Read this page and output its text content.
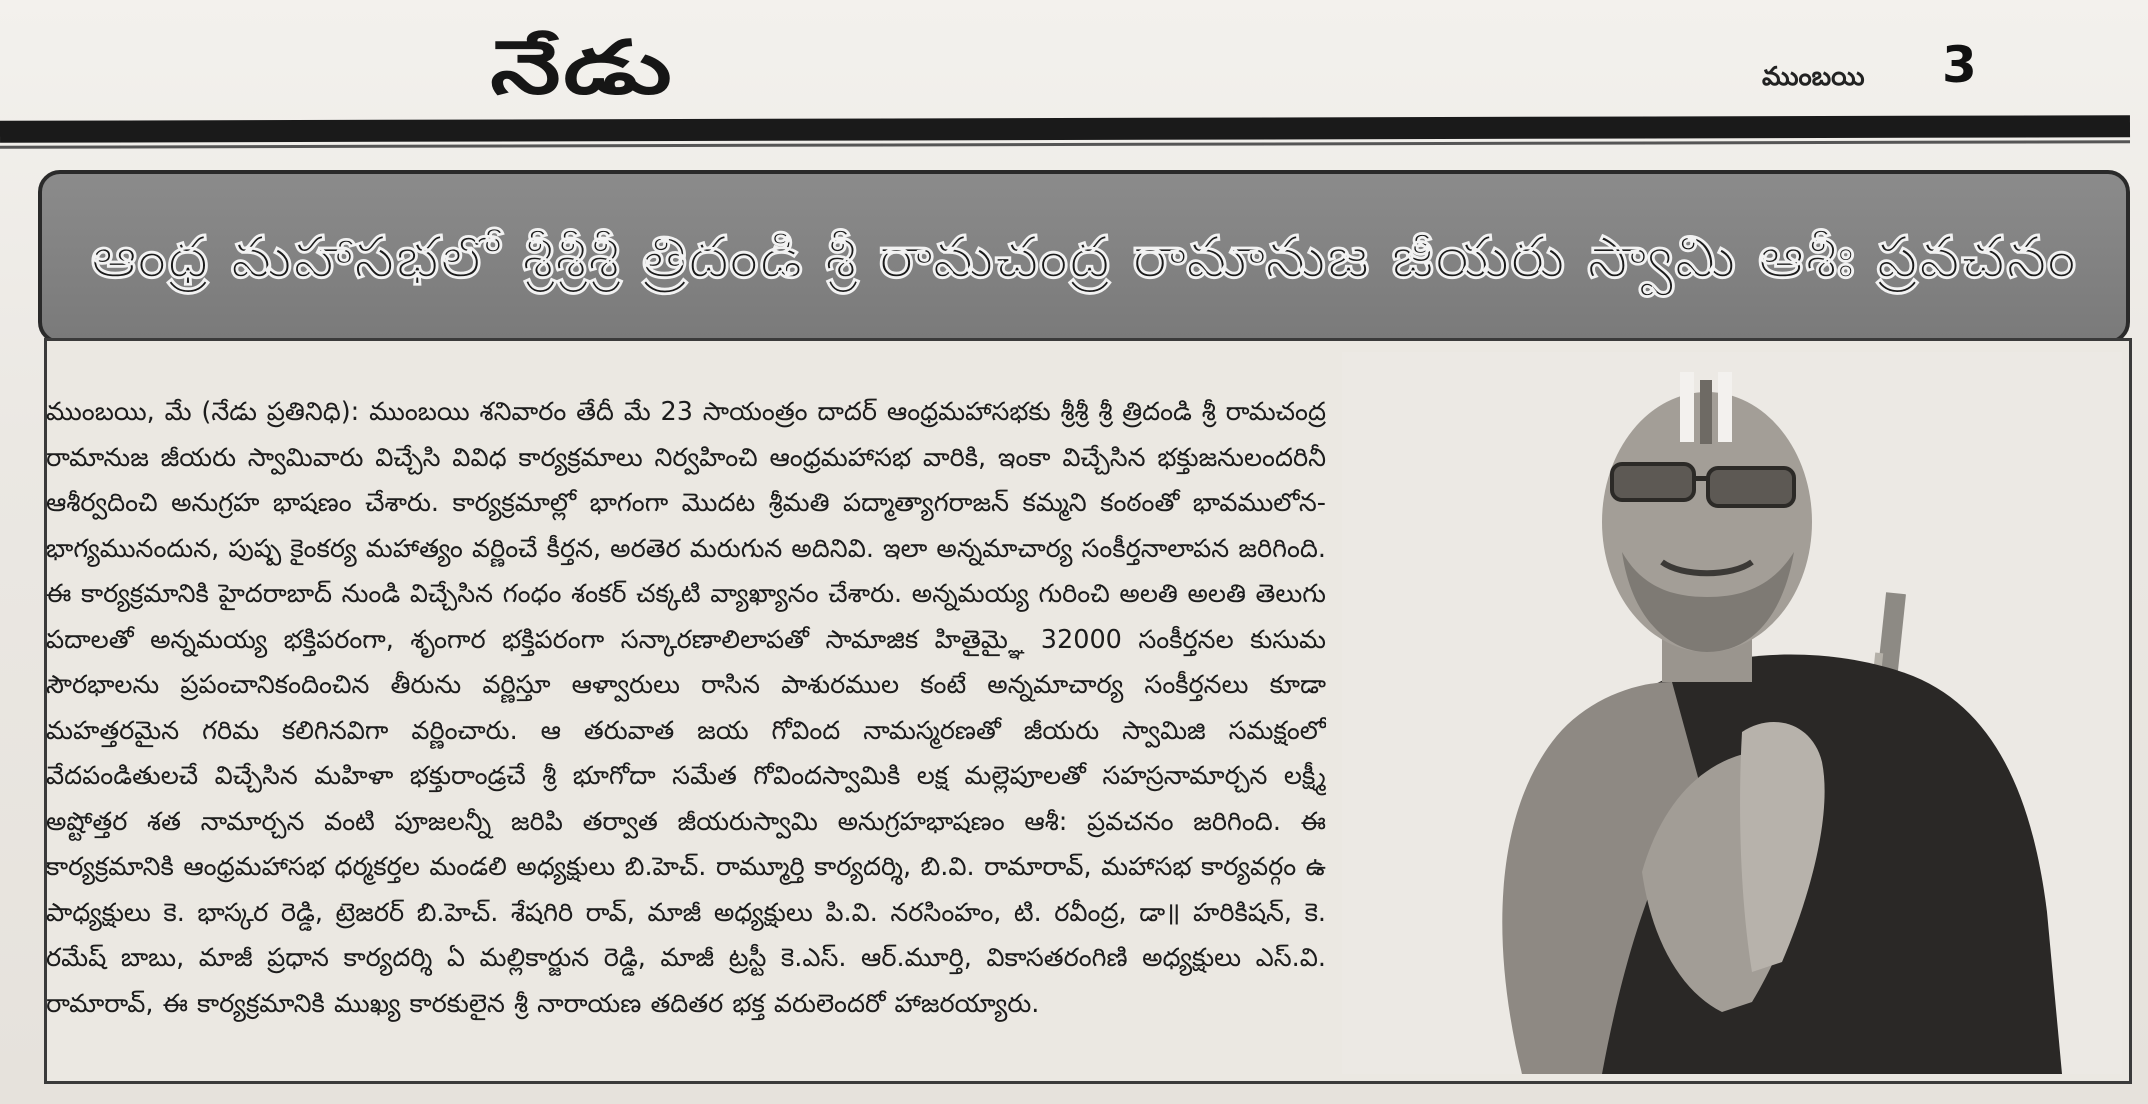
నేడు	ముంబయి 3
ఆంధ్ర మహాసభలో శ్రీశ్రీశ్రీ త్రిదండి శ్రీ రామచంద్ర రామానుజ జీయరు స్వామి ఆశీః ప్రవచనం
ముంబయి, మే (నేడు ప్రతినిధి): ముంబయి శనివారం తేదీ మే 23 సాయంత్రం దాదర్ ఆంధ్రమహాసభకు శ్రీశ్రీ శ్రీ త్రిదండి శ్రీ రామచంద్ర రామానుజ జీయరు స్వామివారు విచ్చేసి వివిధ కార్యక్రమాలు నిర్వహించి ఆంధ్రమహాసభ వారికి, ఇంకా విచ్చేసిన భక్తుజనులందరినీ ఆశీర్వదించి అనుగ్రహ భాషణం చేశారు. కార్యక్రమాల్లో భాగంగా మొదట శ్రీమతి పద్మాత్యాగరాజన్ కమ్మని కంఠంతో భావములోన-భాగ్యమునందున, పుష్ప కైంకర్య మహాత్యం వర్ణించే కీర్తన, అరతెర మరుగున అదినివి. ఇలా అన్నమాచార్య సంకీర్తనాలాపన జరిగింది. ఈ కార్యక్రమానికి హైదరాబాద్ నుండి విచ్చేసిన గంధం శంకర్ చక్కటి వ్యాఖ్యానం చేశారు. అన్నమయ్య గురించి అలతి అలతి తెలుగు పదాలతో అన్నమయ్య భక్తిపరంగా, శృంగార భక్తిపరంగా సన్కారణాలిలాపతో సామాజిక హితైమ్ఞై 32000 సంకీర్తనల కుసుమ సౌరభాలను ప్రపంచానికందించిన తీరును వర్ణిస్తూ ఆళ్వారులు రాసిన పాశురముల కంటే అన్నమాచార్య సంకీర్తనలు కూడా మహత్తరమైన గరిమ కలిగినవిగా వర్ణించారు. ఆ తరువాత జయ గోవింద నామస్మరణతో జీయరు స్వామిజి సమక్షంలో వేదపండితులచే విచ్చేసిన మహిళా భక్తురాండ్రచే శ్రీ భూగోదా సమేత గోవిందస్వామికి లక్ష మల్లెపూలతో సహస్రనామార్చన లక్ష్మీ అష్టోత్తర శత నామార్చన వంటి పూజలన్నీ జరిపి తర్వాత జీయరుస్వామి అనుగ్రహభాషణం ఆశీ: ప్రవచనం జరిగింది. ఈ కార్యక్రమానికి ఆంధ్రమహాసభ ధర్మకర్తల మండలి అధ్యక్షులు బి.హెచ్. రామ్మూర్తి కార్యదర్శి, బి.వి. రామారావ్, మహాసభ కార్యవర్గం ఉ పాధ్యక్షులు కె. భాస్కర రెడ్డి, ట్రెజరర్ బి.హెచ్. శేషగిరి రావ్, మాజీ అధ్యక్షులు పి.వి. నరసింహం, టి. రవీంద్ర, డా॥ హరికిషన్, కె. రమేష్ బాబు, మాజీ ప్రధాన కార్యదర్శి ఏ మల్లికార్జున రెడ్డి, మాజీ ట్రస్టీ కె.ఎస్. ఆర్.మూర్తి, వికాసతరంగిణి అధ్యక్షులు ఎస్.వి. రామారావ్, ఈ కార్యక్రమానికి ముఖ్య కారకులైన శ్రీ నారాయణ తదితర భక్త వరులెందరో హాజరయ్యారు.
